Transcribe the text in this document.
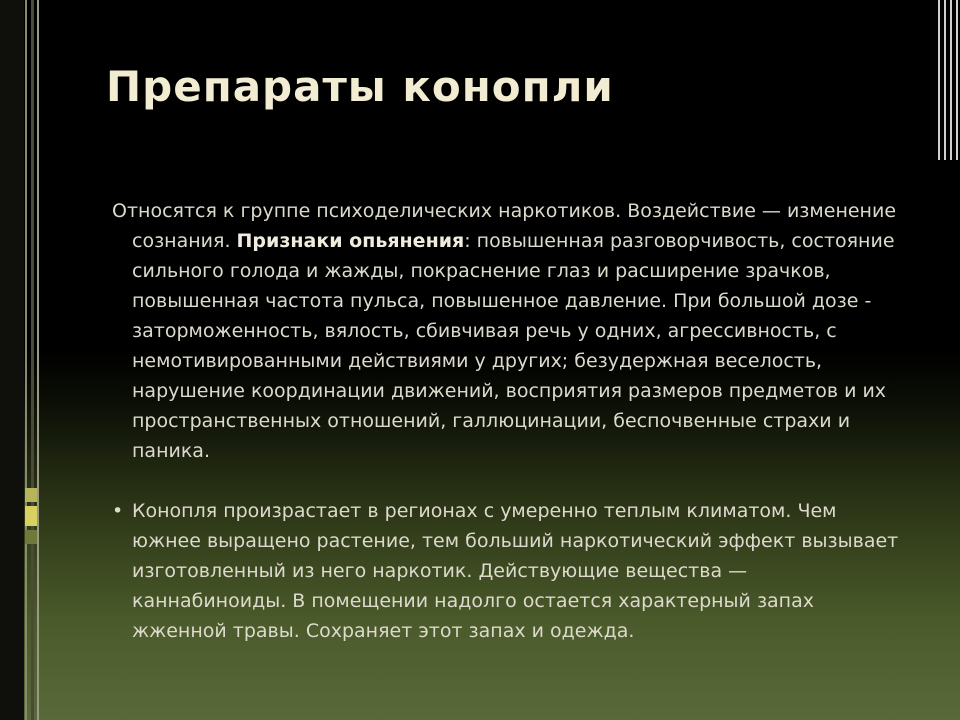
Препараты конопли

Относятся к группе психоделических наркотиков. Воздействие — изменение сознания. Признаки опьянения: повышенная разговорчивость, состояние сильного голода и жажды, покраснение глаз и расширение зрачков, повышенная частота пульса, повышенное давление. При большой дозе - заторможенность, вялость, сбивчивая речь у одних, агрессивность, с немотивированными действиями у других; безудержная веселость, нарушение координации движений, восприятия размеров предметов и их пространственных отношений, галлюцинации, беспочвенные страхи и паника.

• Конопля произрастает в регионах с умеренно теплым климатом. Чем южнее выращено растение, тем больший наркотический эффект вызывает изготовленный из него наркотик. Действующие вещества — каннабиноиды. В помещении надолго остается характерный запах жженной травы. Сохраняет этот запах и одежда.
